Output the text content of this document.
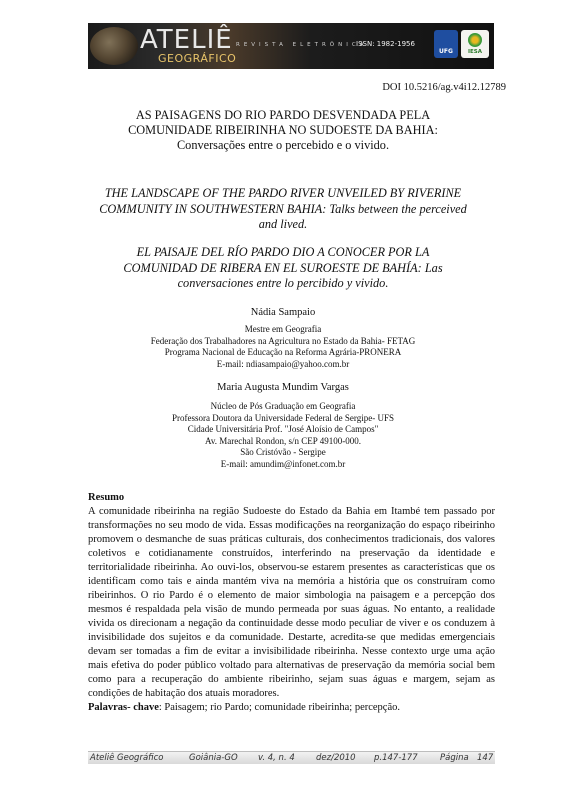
ATELIÊ
GEOGRÁFICO
REVISTA ELETRÔNICA
ISSN: 1982-1956
UFG	IESA
DOI 10.5216/ag.v4i12.12789
AS PAISAGENS DO RIO PARDO DESVENDADA PELA
COMUNIDADE RIBEIRINHA NO SUDOESTE DA BAHIA:
Conversações entre o percebido e o vivido.
THE LANDSCAPE OF THE PARDO RIVER UNVEILED BY RIVERINE
COMMUNITY IN SOUTHWESTERN BAHIA: Talks between the perceived
and lived.
EL PAISAJE DEL RÍO PARDO DIO A CONOCER POR LA
COMUNIDAD DE RIBERA EN EL SUROESTE DE BAHÍA: Las
conversaciones entre lo percibido y vivido.
Nádia Sampaio
Mestre em Geografia
Federação dos Trabalhadores na Agricultura no Estado da Bahia- FETAG
Programa Nacional de Educação na Reforma Agrária-PRONERA
E-mail: ndiasampaio@yahoo.com.br
Maria Augusta Mundim Vargas
Núcleo de Pós Graduação em Geografia
Professora Doutora da Universidade Federal de Sergipe- UFS
Cidade Universitária Prof. "José Aloísio de Campos"
Av. Marechal Rondon, s/n CEP 49100-000.
São Cristóvão - Sergipe
E-mail: amundim@infonet.com.br
Resumo
A comunidade ribeirinha na região Sudoeste do Estado da Bahia em Itambé tem passado por transformações no seu modo de vida. Essas modificações na reorganização do espaço ribeirinho promovem o desmanche de suas práticas culturais, dos conhecimentos tradicionais, dos valores coletivos e cotidianamente construídos, interferindo na preservação da identidade e territorialidade ribeirinha. Ao ouvi-los, observou-se estarem presentes as características que os identificam como tais e ainda mantém viva na memória a história que os construíram como ribeirinhos. O rio Pardo é o elemento de maior simbologia na paisagem e a percepção dos mesmos é respaldada pela visão de mundo permeada por suas águas. No entanto, a realidade vivida os direcionam a negação da continuidade desse modo peculiar de viver e os conduzem à invisibilidade dos sujeitos e da comunidade. Destarte, acredita-se que medidas emergenciais devam ser tomadas a fim de evitar a invisibilidade ribeirinha. Nesse contexto urge uma ação mais efetiva do poder público voltado para alternativas de preservação da memória social bem como para a recuperação do ambiente ribeirinho, sejam suas águas e margem, sejam as condições de habitação dos atuais moradores.
Palavras- chave: Paisagem; rio Pardo; comunidade ribeirinha; percepção.
Ateliê Geográfico	Goiânia-GO v. 4, n. 4 dez/2010 p.147-177	Página 147
